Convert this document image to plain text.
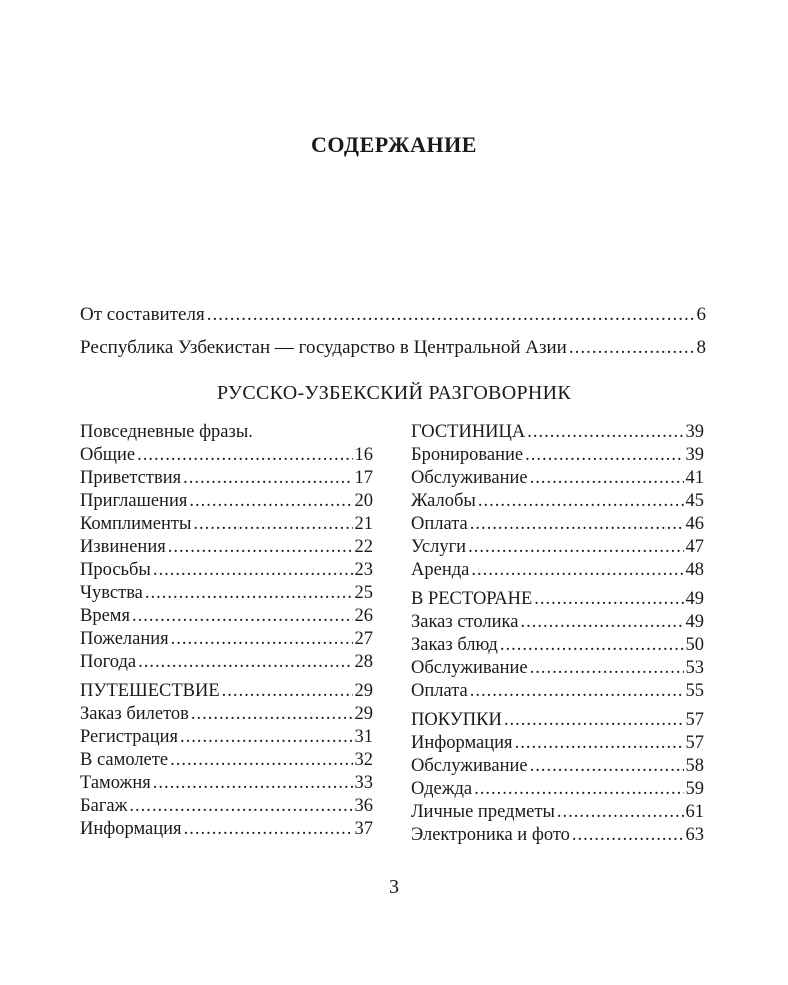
СОДЕРЖАНИЕ
От составителя .....	6
Республика Узбекистан — государство в Центральной Азии .....	8
РУССКО-УЗБЕКСКИЙ РАЗГОВОРНИК
Повседневные фразы.
Общие .....	16
Приветствия .....	17
Приглашения .....	20
Комплименты .....	21
Извинения .....	22
Просьбы .....	23
Чувства .....	25
Время .....	26
Пожелания .....	27
Погода .....	28
ПУТЕШЕСТВИЕ .....	29
Заказ билетов .....	29
Регистрация .....	31
В самолете .....	32
Таможня .....	33
Багаж .....	36
Информация .....	37
ГОСТИНИЦА .....	39
Бронирование .....	39
Обслуживание .....	41
Жалобы .....	45
Оплата .....	46
Услуги .....	47
Аренда .....	48
В РЕСТОРАНЕ .....	49
Заказ столика .....	49
Заказ блюд .....	50
Обслуживание .....	53
Оплата .....	55
ПОКУПКИ .....	57
Информация .....	57
Обслуживание .....	58
Одежда .....	59
Личные предметы .....	61
Электроника и фото .....	63
3
